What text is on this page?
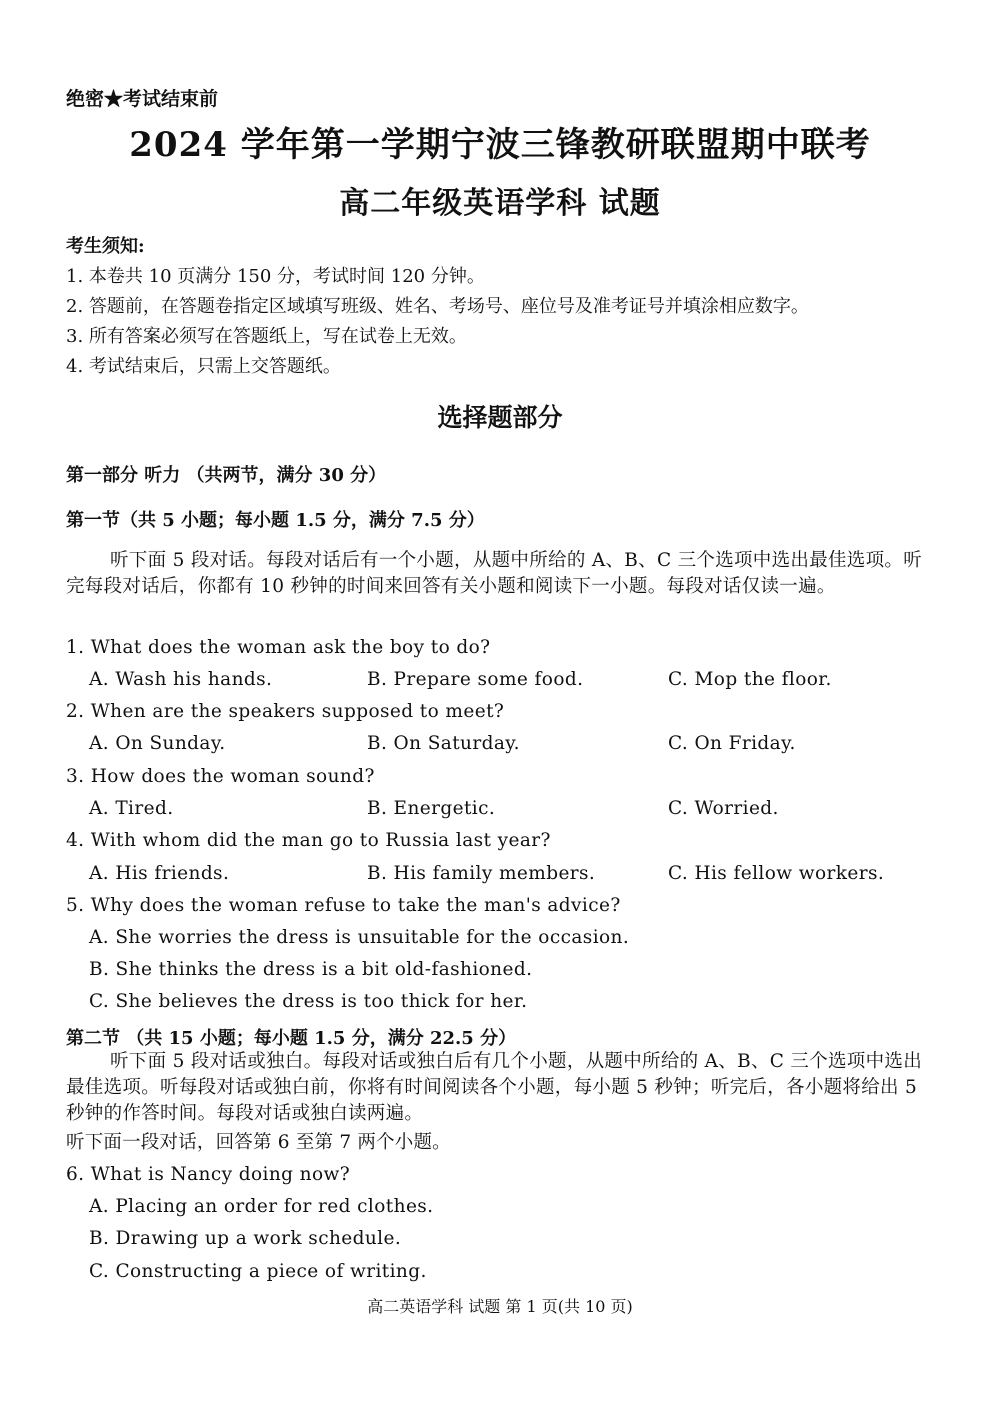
绝密★考试结束前
2024 学年第一学期宁波三锋教研联盟期中联考
高二年级英语学科 试题
考生须知:
1. 本卷共 10 页满分 150 分，考试时间 120 分钟。
2. 答题前，在答题卷指定区域填写班级、姓名、考场号、座位号及准考证号并填涂相应数字。
3. 所有答案必须写在答题纸上，写在试卷上无效。
4. 考试结束后，只需上交答题纸。
选择题部分
第一部分 听力 （共两节，满分 30 分）
第一节（共 5 小题；每小题 1.5 分，满分 7.5 分）
听下面 5 段对话。每段对话后有一个小题，从题中所给的 A、B、C 三个选项中选出最佳选项。听完每段对话后，你都有 10 秒钟的时间来回答有关小题和阅读下一小题。每段对话仅读一遍。
1. What does the woman ask the boy to do?
A. Wash his hands.	B. Prepare some food.	C. Mop the floor.
2. When are the speakers supposed to meet?
A. On Sunday.	B. On Saturday.	C. On Friday.
3. How does the woman sound?
A. Tired.	B. Energetic.	C. Worried.
4. With whom did the man go to Russia last year?
A. His friends.	B. His family members.	C. His fellow workers.
5. Why does the woman refuse to take the man's advice?
A. She worries the dress is unsuitable for the occasion.
B. She thinks the dress is a bit old-fashioned.
C. She believes the dress is too thick for her.
第二节 （共 15 小题；每小题 1.5 分，满分 22.5 分）
听下面 5 段对话或独白。每段对话或独白后有几个小题，从题中所给的 A、B、C 三个选项中选出最佳选项。听每段对话或独白前，你将有时间阅读各个小题，每小题 5 秒钟；听完后，各小题将给出 5 秒钟的作答时间。每段对话或独白读两遍。
听下面一段对话，回答第 6 至第 7 两个小题。
6. What is Nancy doing now?
A. Placing an order for red clothes.
B. Drawing up a work schedule.
C. Constructing a piece of writing.
高二英语学科 试题 第 1 页(共 10 页)
